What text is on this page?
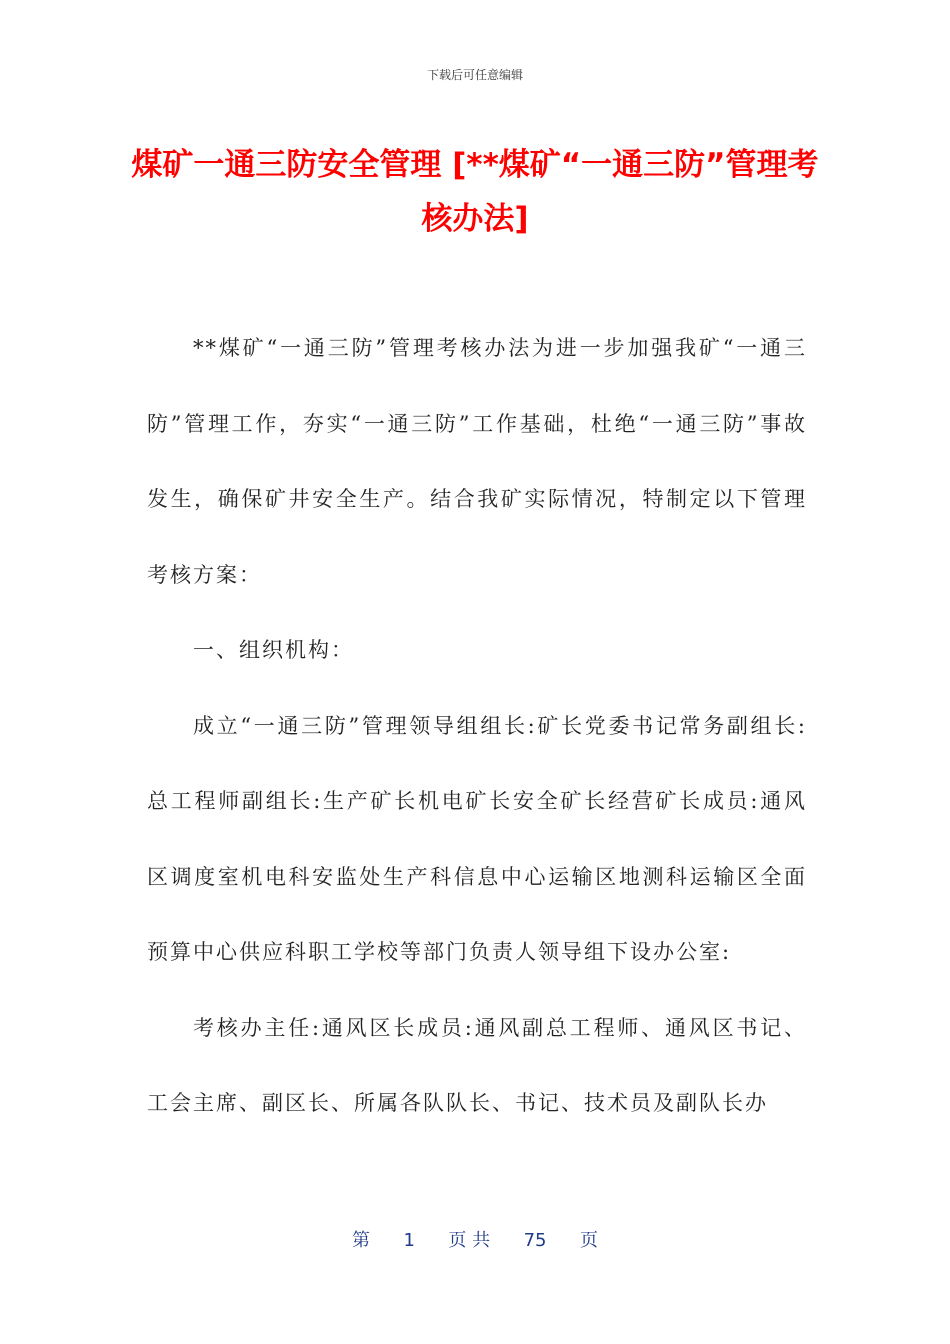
下载后可任意编辑
煤矿一通三防安全管理 [**煤矿“一通三防”管理考核办法]

**煤矿“一通三防”管理考核办法为进一步加强我矿“一通三防”管理工作，夯实“一通三防”工作基础，杜绝“一通三防”事故发生，确保矿井安全生产。结合我矿实际情况，特制定以下管理考核方案：

一、组织机构：

成立“一通三防”管理领导组组长:矿长党委书记常务副组长:总工程师副组长:生产矿长机电矿长安全矿长经营矿长成员:通风区调度室机电科安监处生产科信息中心运输区地测科运输区全面预算中心供应科职工学校等部门负责人领导组下设办公室:

考核办主任:通风区长成员:通风副总工程师、通风区书记、工会主席、副区长、所属各队队长、书记、技术员及副队长办

第 1 页 共 75 页
